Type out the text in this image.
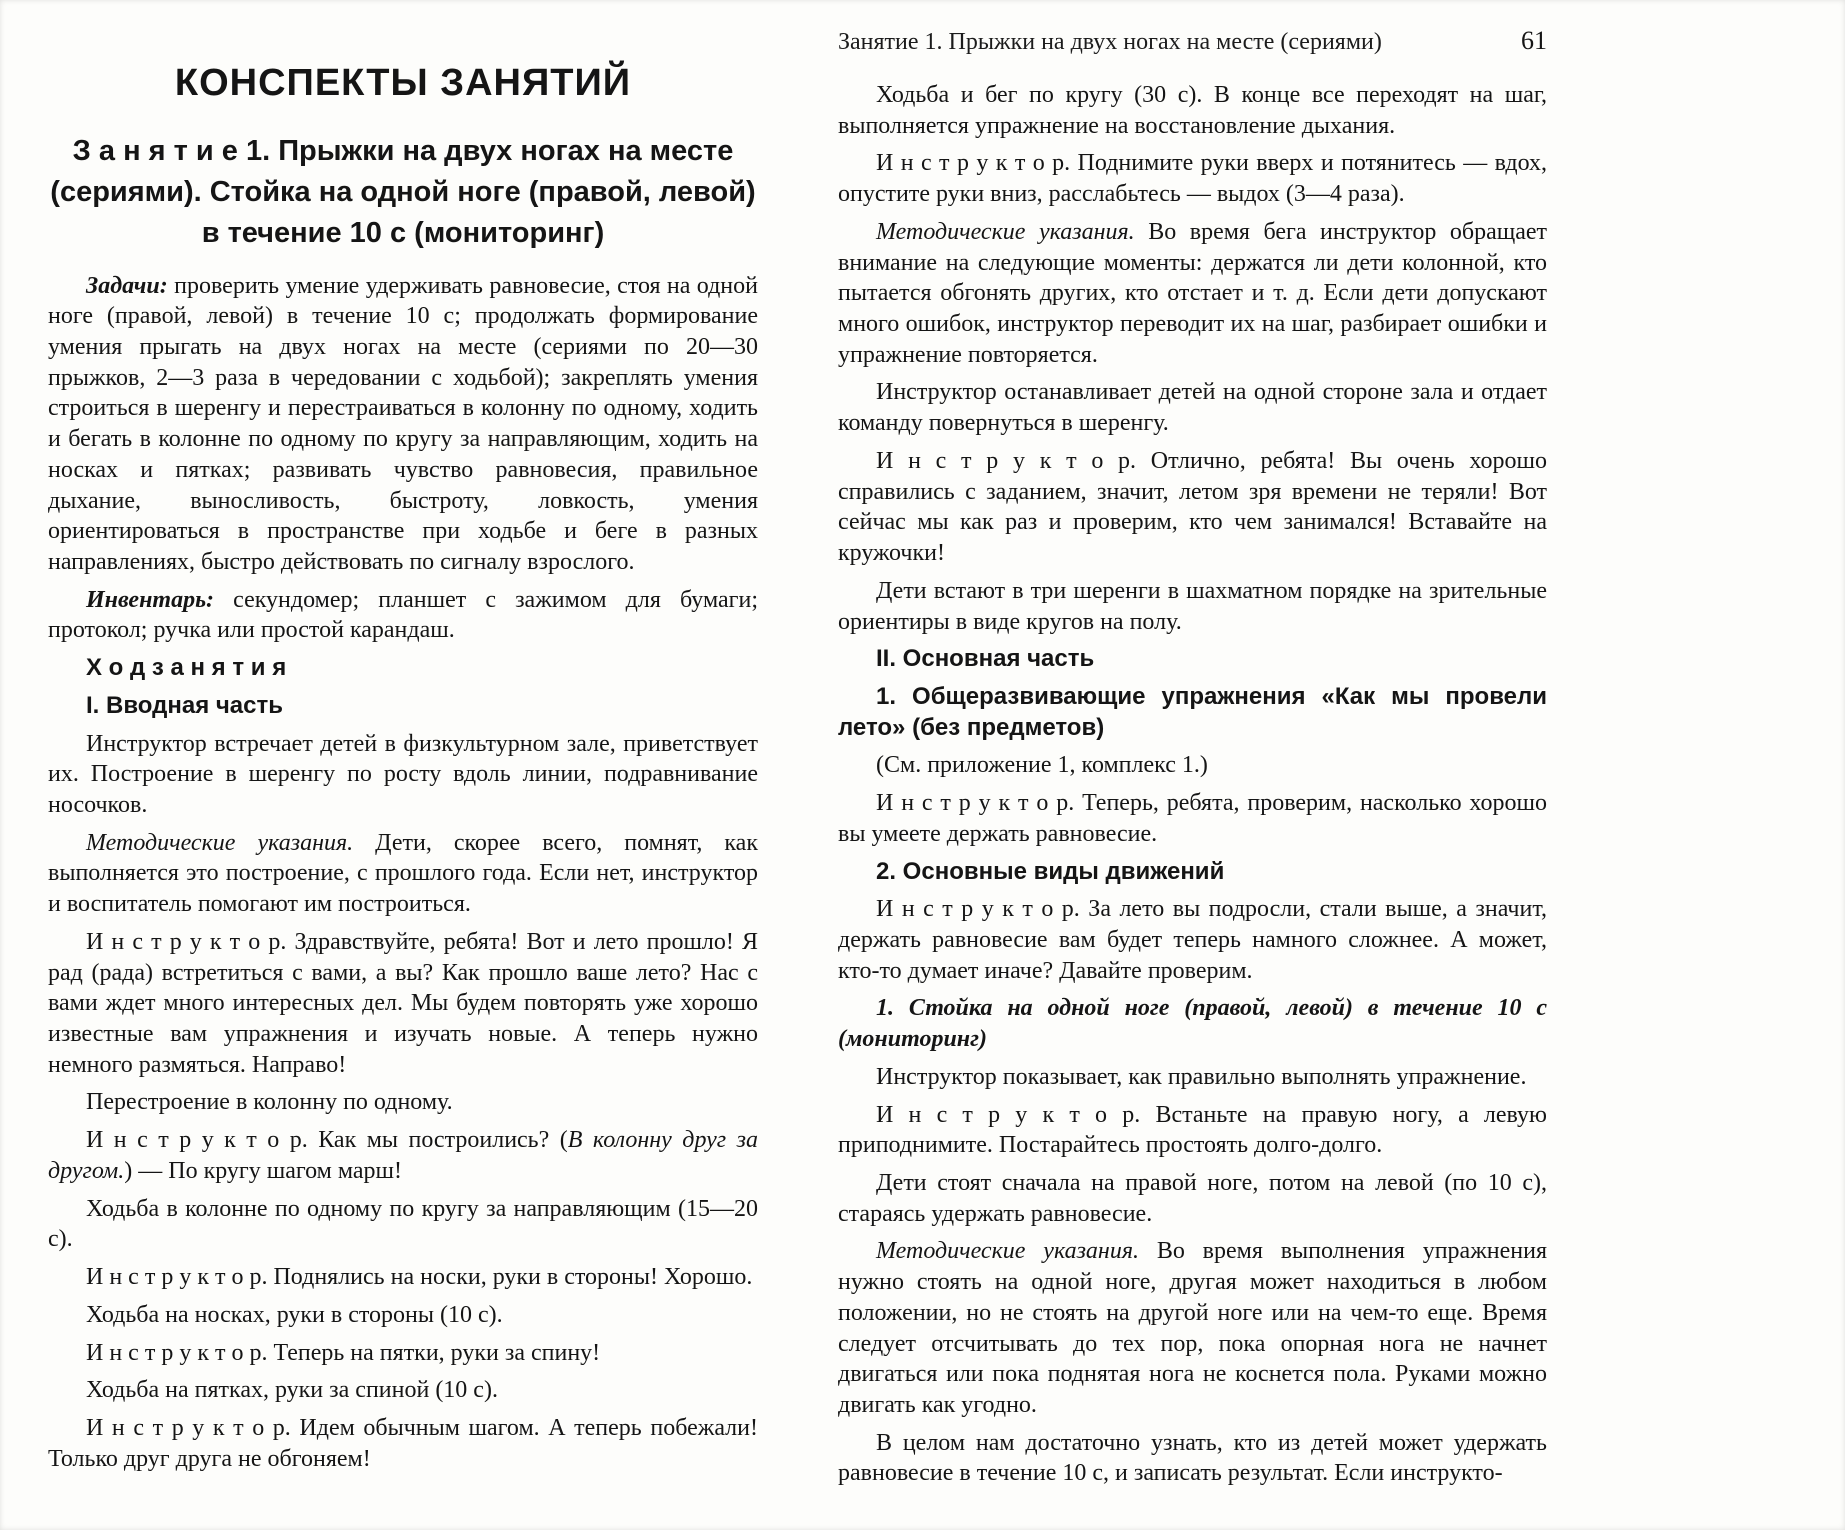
КОНСПЕКТЫ ЗАНЯТИЙ
З а н я т и е 1. Прыжки на двух ногах на месте (сериями). Стойка на одной ноге (правой, левой) в течение 10 с (мониторинг)

Задачи: проверить умение удерживать равновесие, стоя на одной ноге (правой, левой) в течение 10 с; продолжать формирование умения прыгать на двух ногах на месте (сериями по 20—30 прыжков, 2—3 раза в чередовании с ходьбой); закреплять умения строиться в шеренгу и перестраиваться в колонну по одному, ходить и бегать в колонне по одному по кругу за направляющим, ходить на носках и пятках; развивать чувство равновесия, правильное дыхание, выносливость, быстроту, ловкость, умения ориентироваться в пространстве при ходьбе и беге в разных направлениях, быстро действовать по сигналу взрослого.

Инвентарь: секундомер; планшет с зажимом для бумаги; протокол; ручка или простой карандаш.

Х о д з а н я т и я

I. Вводная часть

Инструктор встречает детей в физкультурном зале, приветствует их. Построение в шеренгу по росту вдоль линии, подравнивание носочков.

Методические указания. Дети, скорее всего, помнят, как выполняется это построение, с прошлого года. Если нет, инструктор и воспитатель помогают им построиться.

И н с т р у к т о р. Здравствуйте, ребята! Вот и лето прошло! Я рад (рада) встретиться с вами, а вы? Как прошло ваше лето? Нас с вами ждет много интересных дел. Мы будем повторять уже хорошо известные вам упражнения и изучать новые. А теперь нужно немного размяться. Направо!

Перестроение в колонну по одному.

И н с т р у к т о р. Как мы построились? (В колонну друг за другом.) — По кругу шагом марш!

Ходьба в колонне по одному по кругу за направляющим (15—20 с).

И н с т р у к т о р. Поднялись на носки, руки в стороны! Хорошо.

Ходьба на носках, руки в стороны (10 с).

И н с т р у к т о р. Теперь на пятки, руки за спину!

Ходьба на пятках, руки за спиной (10 с).

И н с т р у к т о р. Идем обычным шагом. А теперь побежали! Только друг друга не обгоняем!

Занятие 1. Прыжки на двух ногах на месте (сериями)	61

Ходьба и бег по кругу (30 с). В конце все переходят на шаг, выполняется упражнение на восстановление дыхания.

И н с т р у к т о р. Поднимите руки вверх и потянитесь — вдох, опустите руки вниз, расслабьтесь — выдох (3—4 раза).

Методические указания. Во время бега инструктор обращает внимание на следующие моменты: держатся ли дети колонной, кто пытается обгонять других, кто отстает и т. д. Если дети допускают много ошибок, инструктор переводит их на шаг, разбирает ошибки и упражнение повторяется.

Инструктор останавливает детей на одной стороне зала и отдает команду повернуться в шеренгу.

И н с т р у к т о р. Отлично, ребята! Вы очень хорошо справились с заданием, значит, летом зря времени не теряли! Вот сейчас мы как раз и проверим, кто чем занимался! Вставайте на кружочки!

Дети встают в три шеренги в шахматном порядке на зрительные ориентиры в виде кругов на полу.

II. Основная часть

1. Общеразвивающие упражнения «Как мы провели лето» (без предметов)

(См. приложение 1, комплекс 1.)

И н с т р у к т о р. Теперь, ребята, проверим, насколько хорошо вы умеете держать равновесие.

2. Основные виды движений

И н с т р у к т о р. За лето вы подросли, стали выше, а значит, держать равновесие вам будет теперь намного сложнее. А может, кто-то думает иначе? Давайте проверим.

1. Стойка на одной ноге (правой, левой) в течение 10 с (мониторинг)

Инструктор показывает, как правильно выполнять упражнение.

И н с т р у к т о р. Встаньте на правую ногу, а левую приподнимите. Постарайтесь простоять долго-долго.

Дети стоят сначала на правой ноге, потом на левой (по 10 с), стараясь удержать равновесие.

Методические указания. Во время выполнения упражнения нужно стоять на одной ноге, другая может находиться в любом положении, но не стоять на другой ноге или на чем-то еще. Время следует отсчитывать до тех пор, пока опорная нога не начнет двигаться или пока поднятая нога не коснется пола. Руками можно двигать как угодно.

В целом нам достаточно узнать, кто из детей может удержать равновесие в течение 10 с, и записать результат. Если инструкто-
